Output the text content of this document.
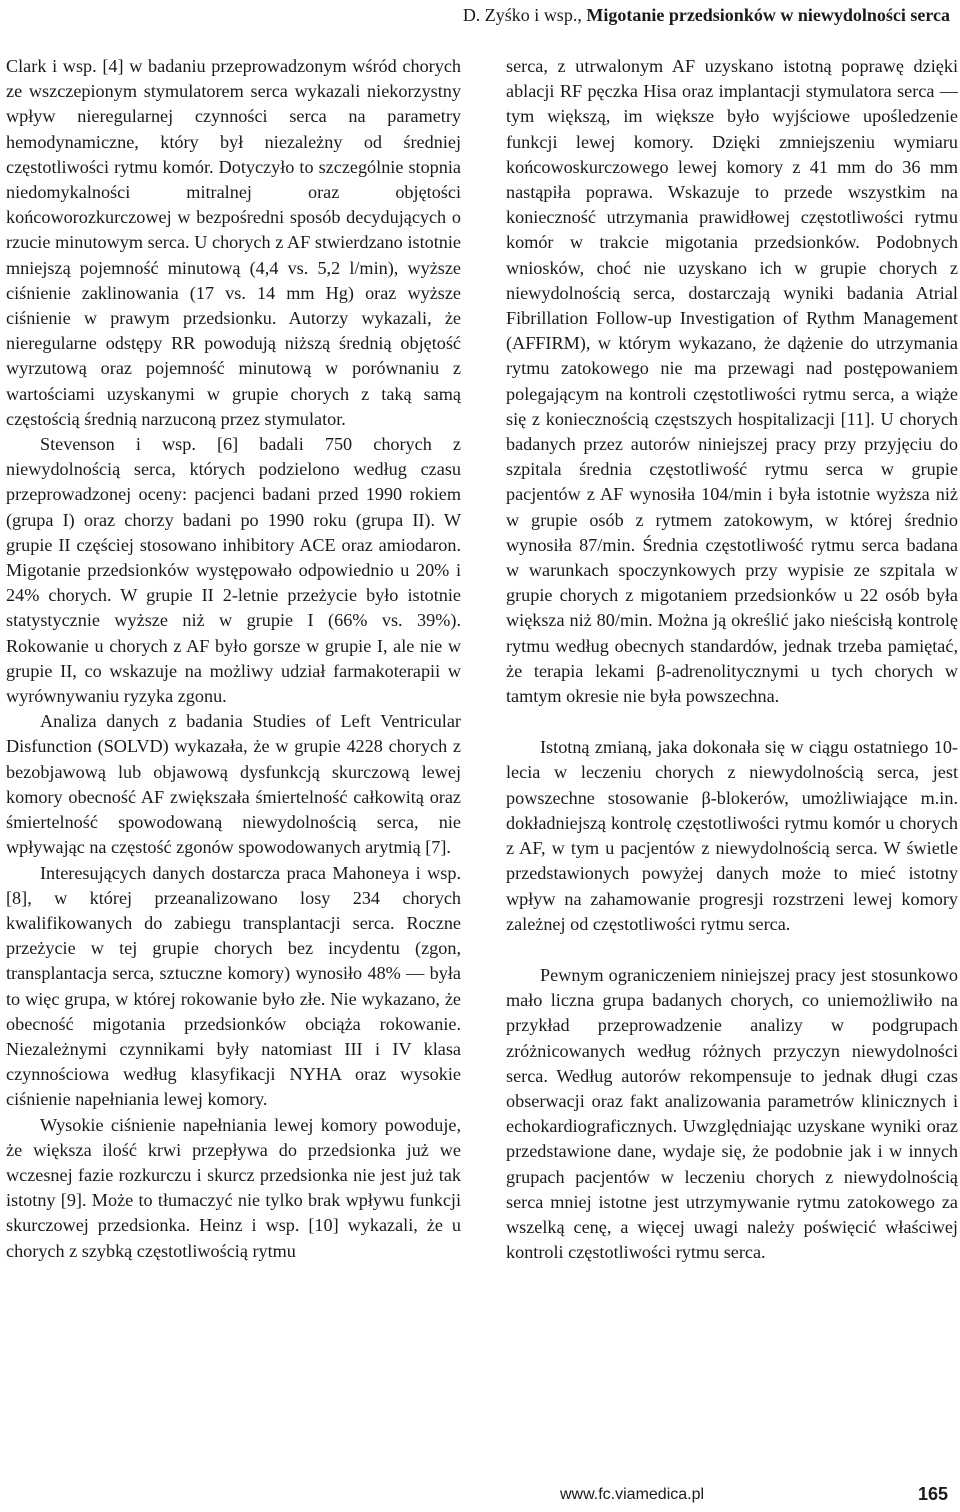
D. Zyśko i wsp., Migotanie przedsionków w niewydolności serca

Clark i wsp. [4] w badaniu przeprowadzonym wśród chorych ze wszczepionym stymulatorem serca wykazali niekorzystny wpływ nieregularnej czynności serca na parametry hemodynamiczne, który był niezależny od średniej częstotliwości rytmu komór. Dotyczyło to szczególnie stopnia niedomykalności mitralnej oraz objętości końcoworozkurczowej w bezpośredni sposób decydujących o rzucie minutowym serca. U chorych z AF stwierdzano istotnie mniejszą pojemność minutową (4,4 vs. 5,2 l/min), wyższe ciśnienie zaklinowania (17 vs. 14 mm Hg) oraz wyższe ciśnienie w prawym przedsionku. Autorzy wykazali, że nieregularne odstępy RR powodują niższą średnią objętość wyrzutową oraz pojemność minutową w porównaniu z wartościami uzyskanymi w grupie chorych z taką samą częstością średnią narzuconą przez stymulator.

Stevenson i wsp. [6] badali 750 chorych z niewydolnością serca, których podzielono według czasu przeprowadzonej oceny: pacjenci badani przed 1990 rokiem (grupa I) oraz chorzy badani po 1990 roku (grupa II). W grupie II częściej stosowano inhibitory ACE oraz amiodaron. Migotanie przedsionków występowało odpowiednio u 20% i 24% chorych. W grupie II 2-letnie przeżycie było istotnie statystycznie wyższe niż w grupie I (66% vs. 39%). Rokowanie u chorych z AF było gorsze w grupie I, ale nie w grupie II, co wskazuje na możliwy udział farmakoterapii w wyrównywaniu ryzyka zgonu.

Analiza danych z badania Studies of Left Ventricular Disfunction (SOLVD) wykazała, że w grupie 4228 chorych z bezobjawową lub objawową dysfunkcją skurczową lewej komory obecność AF zwiększała śmiertelność całkowitą oraz śmiertelność spowodowaną niewydolnością serca, nie wpływając na częstość zgonów spowodowanych arytmią [7].

Interesujących danych dostarcza praca Mahoneya i wsp. [8], w której przeanalizowano losy 234 chorych kwalifikowanych do zabiegu transplantacji serca. Roczne przeżycie w tej grupie chorych bez incydentu (zgon, transplantacja serca, sztuczne komory) wynosiło 48% — była to więc grupa, w której rokowanie było złe. Nie wykazano, że obecność migotania przedsionków obciąża rokowanie. Niezależnymi czynnikami były natomiast III i IV klasa czynnościowa według klasyfikacji NYHA oraz wysokie ciśnienie napełniania lewej komory.

Wysokie ciśnienie napełniania lewej komory powoduje, że większa ilość krwi przepływa do przedsionka już we wczesnej fazie rozkurczu i skurcz przedsionka nie jest już tak istotny [9]. Może to tłumaczyć nie tylko brak wpływu funkcji skurczowej przedsionka. Heinz i wsp. [10] wykazali, że u chorych z szybką częstotliwością rytmu

serca, z utrwalonym AF uzyskano istotną poprawę dzięki ablacji RF pęczka Hisa oraz implantacji stymulatora serca — tym większą, im większe było wyjściowe upośledzenie funkcji lewej komory. Dzięki zmniejszeniu wymiaru końcowoskurczowego lewej komory z 41 mm do 36 mm nastąpiła poprawa. Wskazuje to przede wszystkim na konieczność utrzymania prawidłowej częstotliwości rytmu komór w trakcie migotania przedsionków. Podobnych wniosków, choć nie uzyskano ich w grupie chorych z niewydolnością serca, dostarczają wyniki badania Atrial Fibrillation Follow-up Investigation of Rythm Management (AFFIRM), w którym wykazano, że dążenie do utrzymania rytmu zatokowego nie ma przewagi nad postępowaniem polegającym na kontroli częstotliwości rytmu serca, a wiąże się z koniecznością częstszych hospitalizacji [11]. U chorych badanych przez autorów niniejszej pracy przy przyjęciu do szpitala średnia częstotliwość rytmu serca w grupie pacjentów z AF wynosiła 104/min i była istotnie wyższa niż w grupie osób z rytmem zatokowym, w której średnio wynosiła 87/min. Średnia częstotliwość rytmu serca badana w warunkach spoczynkowych przy wypisie ze szpitala w grupie chorych z migotaniem przedsionków u 22 osób była większa niż 80/min. Można ją określić jako nieścisłą kontrolę rytmu według obecnych standardów, jednak trzeba pamiętać, że terapia lekami β-adrenolitycznymi u tych chorych w tamtym okresie nie była powszechna.

Istotną zmianą, jaka dokonała się w ciągu ostatniego 10-lecia w leczeniu chorych z niewydolnością serca, jest powszechne stosowanie β-blokerów, umożliwiające m.in. dokładniejszą kontrolę częstotliwości rytmu komór u chorych z AF, w tym u pacjentów z niewydolnością serca. W świetle przedstawionych powyżej danych może to mieć istotny wpływ na zahamowanie progresji rozstrzeni lewej komory zależnej od częstotliwości rytmu serca.

Pewnym ograniczeniem niniejszej pracy jest stosunkowo mało liczna grupa badanych chorych, co uniemożliwiło na przykład przeprowadzenie analizy w podgrupach zróżnicowanych według różnych przyczyn niewydolności serca. Według autorów rekompensuje to jednak długi czas obserwacji oraz fakt analizowania parametrów klinicznych i echokardiograficznych. Uwzględniając uzyskane wyniki oraz przedstawione dane, wydaje się, że podobnie jak i w innych grupach pacjentów w leczeniu chorych z niewydolnością serca mniej istotne jest utrzymywanie rytmu zatokowego za wszelką cenę, a więcej uwagi należy poświęcić właściwej kontroli częstotliwości rytmu serca.

www.fc.viamedica.pl	165
